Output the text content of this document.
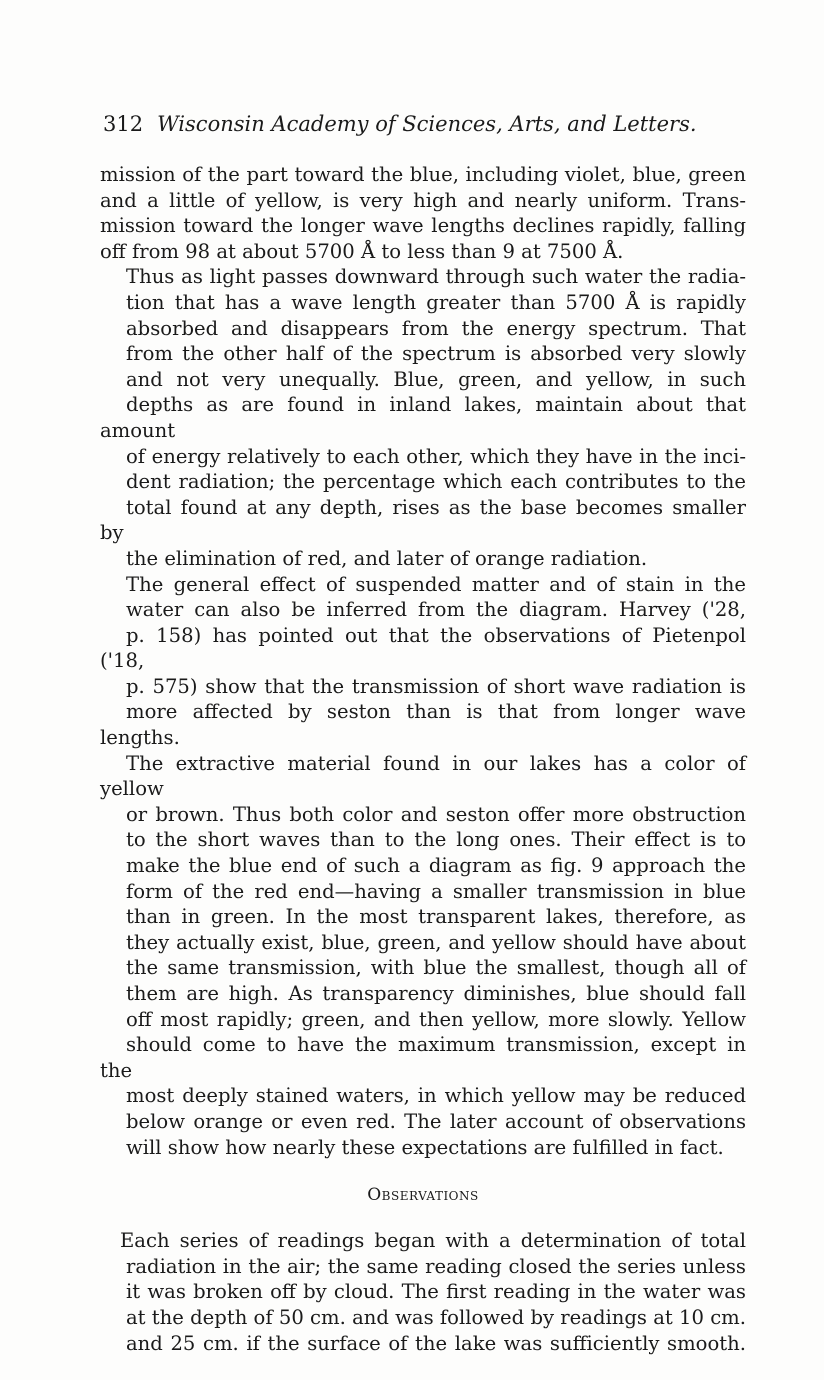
312 Wisconsin Academy of Sciences, Arts, and Letters.

mission of the part toward the blue, including violet, blue, green
and a little of yellow, is very high and nearly uniform. Trans-
mission toward the longer wave lengths declines rapidly, falling
off from 98 at about 5700 Å to less than 9 at 7500 Å.

Thus as light passes downward through such water the radia-
tion that has a wave length greater than 5700 Å is rapidly
absorbed and disappears from the energy spectrum. That
from the other half of the spectrum is absorbed very slowly
and not very unequally. Blue, green, and yellow, in such
depths as are found in inland lakes, maintain about that amount
of energy relatively to each other, which they have in the inci-
dent radiation; the percentage which each contributes to the
total found at any depth, rises as the base becomes smaller by
the elimination of red, and later of orange radiation.

The general effect of suspended matter and of stain in the
water can also be inferred from the diagram. Harvey ('28,
p. 158) has pointed out that the observations of Pietenpol ('18,
p. 575) show that the transmission of short wave radiation is
more affected by seston than is that from longer wave lengths.
The extractive material found in our lakes has a color of yellow
or brown. Thus both color and seston offer more obstruction
to the short waves than to the long ones. Their effect is to
make the blue end of such a diagram as fig. 9 approach the
form of the red end—having a smaller transmission in blue
than in green. In the most transparent lakes, therefore, as
they actually exist, blue, green, and yellow should have about
the same transmission, with blue the smallest, though all of
them are high. As transparency diminishes, blue should fall
off most rapidly; green, and then yellow, more slowly. Yellow
should come to have the maximum transmission, except in the
most deeply stained waters, in which yellow may be reduced
below orange or even red. The later account of observations
will show how nearly these expectations are fulfilled in fact.

Observations

Each series of readings began with a determination of total
radiation in the air; the same reading closed the series unless
it was broken off by cloud. The first reading in the water was
at the depth of 50 cm. and was followed by readings at 10 cm.
and 25 cm. if the surface of the lake was sufficiently smooth.
